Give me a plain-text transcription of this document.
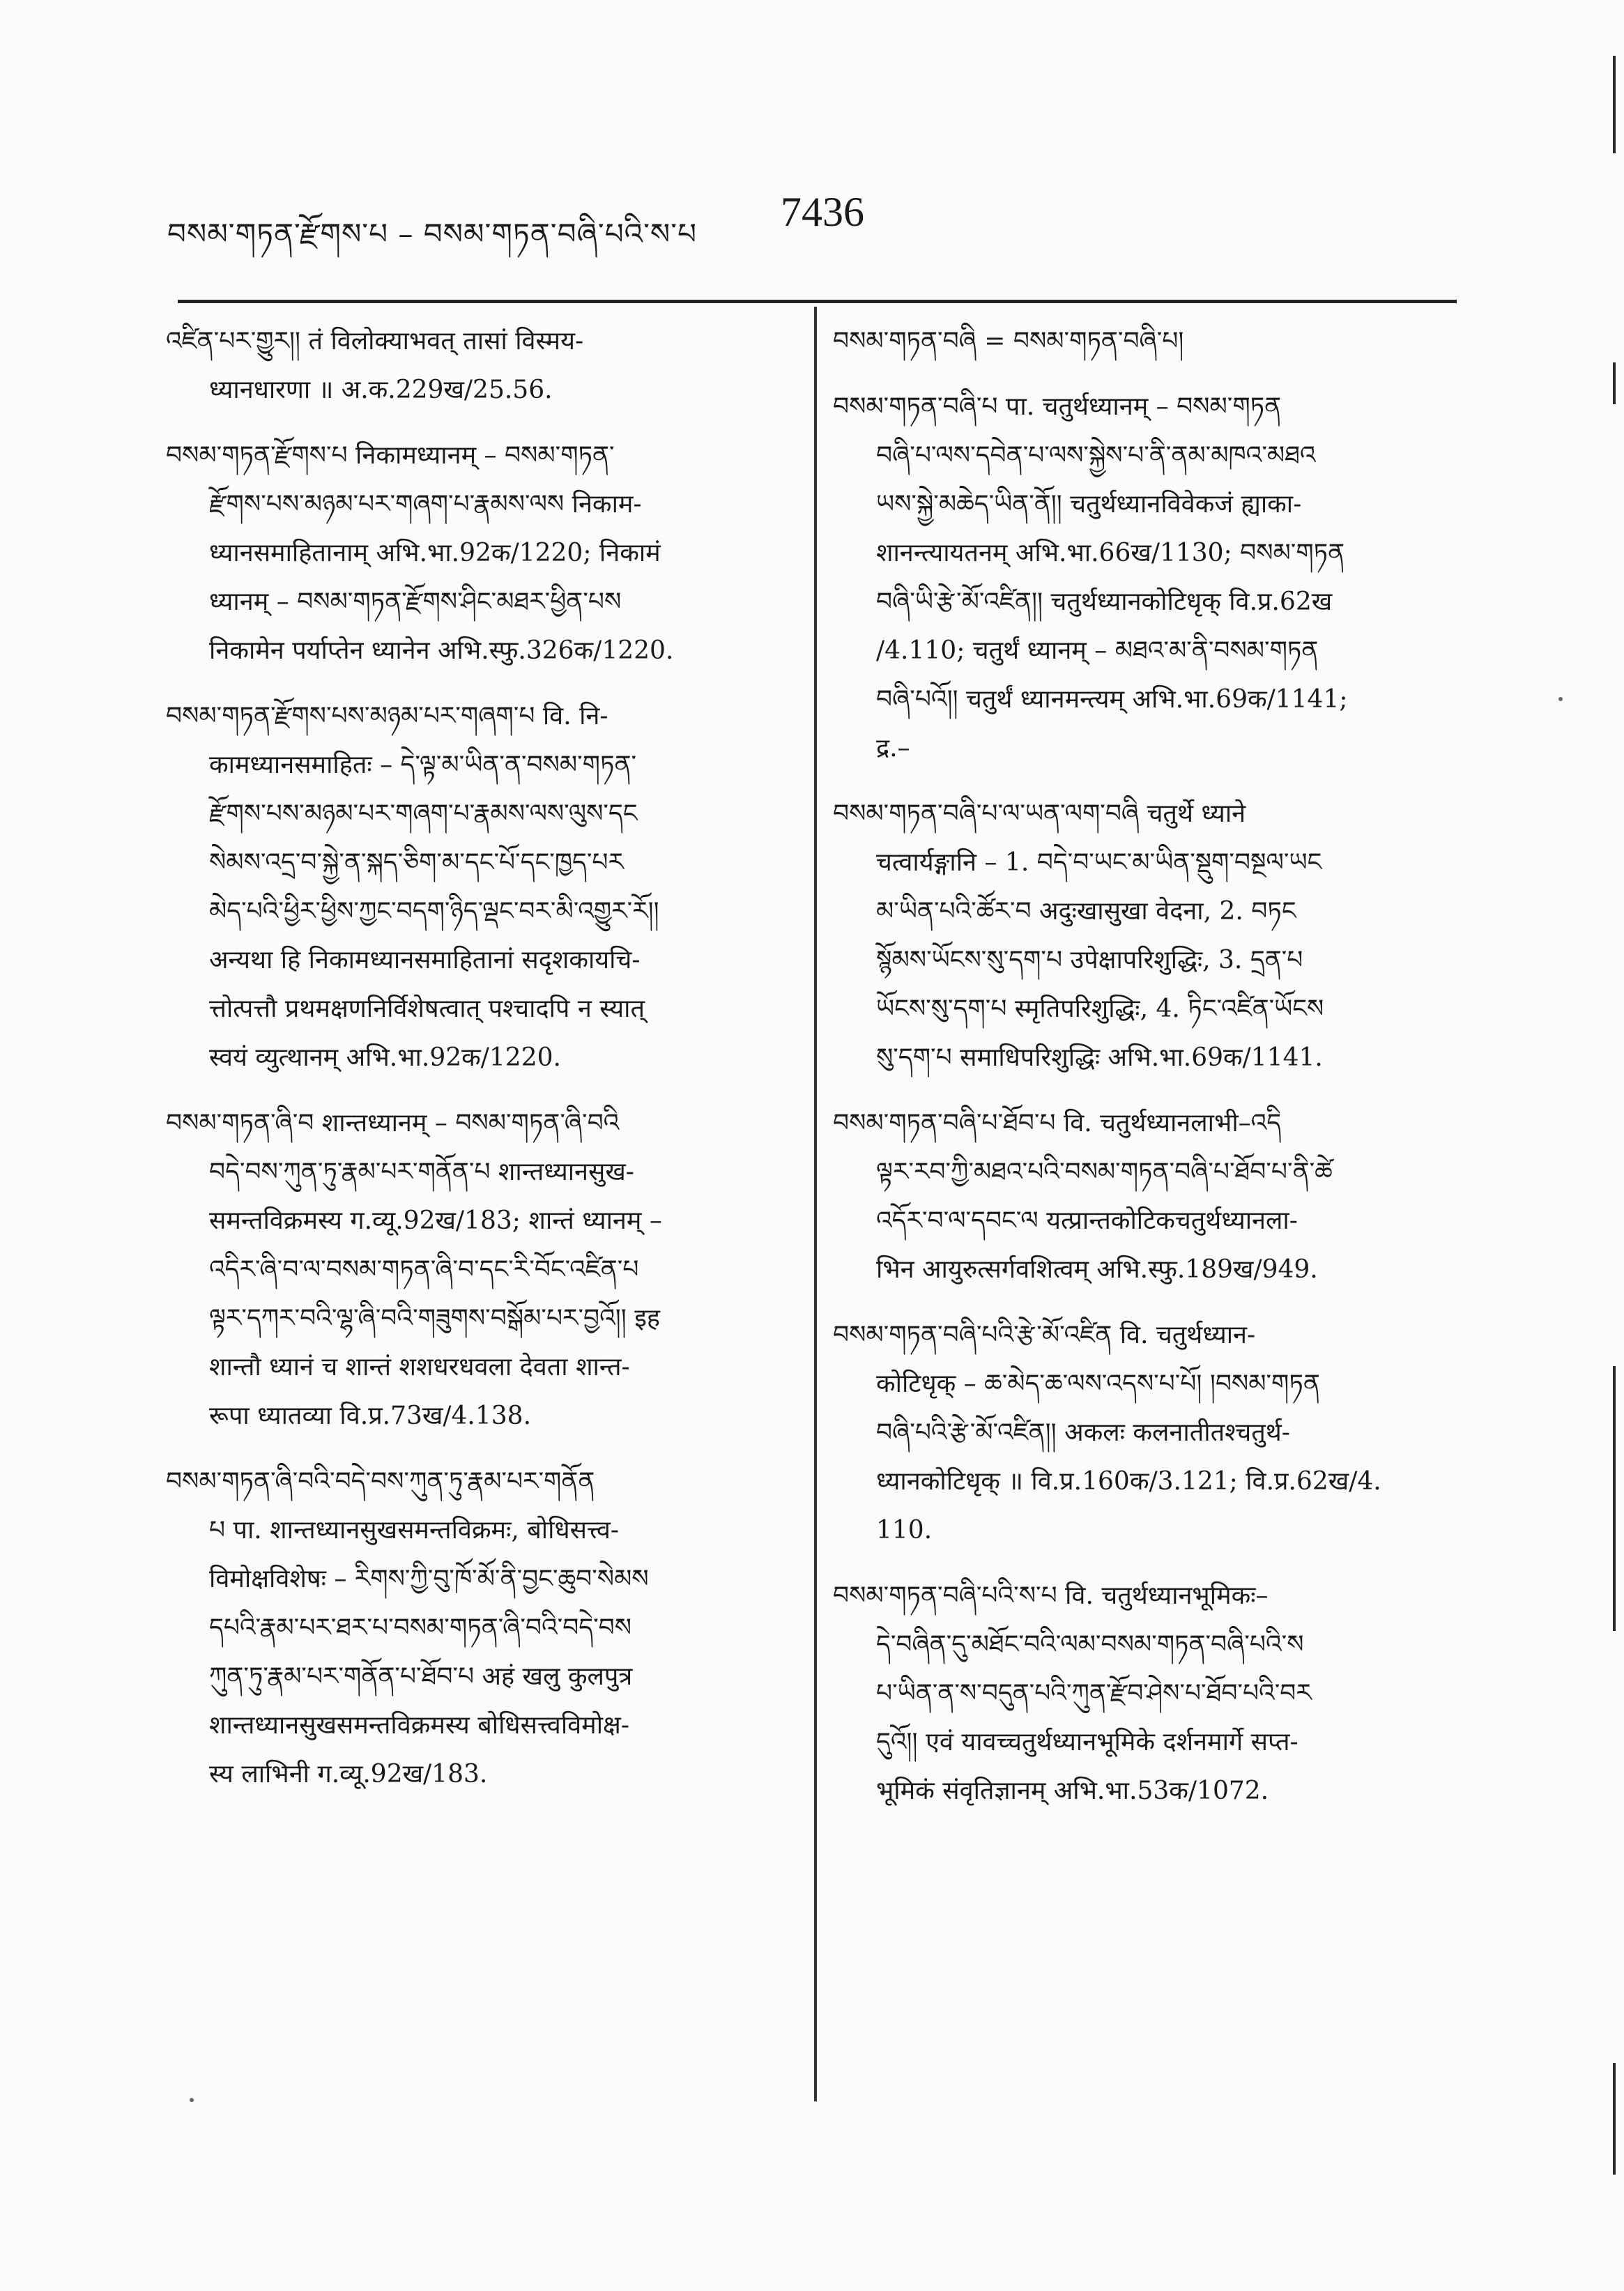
བསམ་གཏན་རྫོགས་པ – བསམ་གཏན་བཞི་པའི་ས་པ 7436
འཛིན་པར་གྱུར།། तं विलोक्याभवत् तासां विस्मय-
ध्यानधारणा ॥ अ.क.229ख/25.56.
བསམ་གཏན་རྫོགས་པ निकामध्यानम् – བསམ་གཏན་
རྫོགས་པས་མཉམ་པར་གཞག་པ་རྣམས་ལས निकाम-
ध्यानसमाहितानाम् अभि.भा.92क/1220; निकामं
ध्यानम् – བསམ་གཏན་རྫོགས་ཤིང་མཐར་ཕྱིན་པས
निकामेन पर्याप्तेन ध्यानेन अभि.स्फु.326क/1220.
བསམ་གཏན་རྫོགས་པས་མཉམ་པར་གཞག་པ वि. नि-
कामध्यानसमाहितः – དེ་ལྟ་མ་ཡིན་ན་བསམ་གཏན་
རྫོགས་པས་མཉམ་པར་གཞག་པ་རྣམས་ལས་ལུས་དང
སེམས་འདྲ་བ་སྐྱེ་ན་སྐད་ཅིག་མ་དང་པོ་དང་ཁྱད་པར
མེད་པའི་ཕྱིར་ཕྱིས་ཀྱང་བདག་ཉིད་ལྡང་བར་མི་འགྱུར་རོ།།
अन्यथा हि निकामध्यानसमाहितानां सदृशकायचि-
त्तोत्पत्तौ प्रथमक्षणनिर्विशेषत्वात् पश्चादपि न स्यात्
स्वयं व्युत्थानम् अभि.भा.92क/1220.
བསམ་གཏན་ཞི་བ शान्तध्यानम् – བསམ་གཏན་ཞི་བའི
བདེ་བས་ཀུན་ཏུ་རྣམ་པར་གནོན་པ शान्तध्यानसुख-
समन्तविक्रमस्य ग.व्यू.92ख/183; शान्तं ध्यानम् –
འདིར་ཞི་བ་ལ་བསམ་གཏན་ཞི་བ་དང་རི་བོང་འཛིན་པ
ལྟར་དཀར་བའི་ལྷ་ཞི་བའི་གཟུགས་བསྒོམ་པར་བྱའོ།། इह
शान्तौ ध्यानं च शान्तं शशधरधवला देवता शान्त-
रूपा ध्यातव्या वि.प्र.73ख/4.138.
བསམ་གཏན་ཞི་བའི་བདེ་བས་ཀུན་ཏུ་རྣམ་པར་གནོན
པ पा. शान्तध्यानसुखसमन्तविक्रमः, बोधिसत्त्व-
विमोक्षविशेषः – རིགས་ཀྱི་བུ་ཁོ་མོ་ནི་བྱང་ཆུབ་སེམས
དཔའི་རྣམ་པར་ཐར་པ་བསམ་གཏན་ཞི་བའི་བདེ་བས
ཀུན་ཏུ་རྣམ་པར་གནོན་པ་ཐོབ་པ अहं खलु कुलपुत्र
शान्तध्यानसुखसमन्तविक्रमस्य बोधिसत्त्वविमोक्ष-
स्य लाभिनी ग.व्यू.92ख/183.
བསམ་གཏན་བཞི = བསམ་གཏན་བཞི་པ།
བསམ་གཏན་བཞི་པ पा. चतुर्थध्यानम् – བསམ་གཏན
བཞི་པ་ལས་དབེན་པ་ལས་སྐྱེས་པ་ནི་ནམ་མཁའ་མཐའ
ཡས་སྐྱེ་མཆེད་ཡིན་ནོ།། चतुर्थध्यानविवेकजं ह्याका-
शानन्त्यायतनम् अभि.भा.66ख/1130; བསམ་གཏན
བཞི་ཡི་རྩེ་མོ་འཛིན།། चतुर्थध्यानकोटिधृक् वि.प्र.62ख
/4.110; चतुर्थं ध्यानम् – མཐའ་མ་ནི་བསམ་གཏན
བཞི་པའོ།། चतुर्थं ध्यानमन्त्यम् अभि.भा.69क/1141;
द्र.–
བསམ་གཏན་བཞི་པ་ལ་ཡན་ལག་བཞི चतुर्थे ध्याने
चत्वार्यङ्गानि – 1. བདེ་བ་ཡང་མ་ཡིན་སྡུག་བསྔལ་ཡང
མ་ཡིན་པའི་ཚོར་བ अदुःखासुखा वेदना, 2. བཏང
སྙོམས་ཡོངས་སུ་དག་པ उपेक्षापरिशुद्धिः, 3. དྲན་པ
ཡོངས་སུ་དག་པ स्मृतिपरिशुद्धिः, 4. ཏིང་འཛིན་ཡོངས
སུ་དག་པ समाधिपरिशुद्धिः अभि.भा.69क/1141.
བསམ་གཏན་བཞི་པ་ཐོབ་པ वि. चतुर्थध्यानलाभी–འདི
ལྟར་རབ་ཀྱི་མཐའ་པའི་བསམ་གཏན་བཞི་པ་ཐོབ་པ་ནི་ཚེ
འདོར་བ་ལ་དབང་ལ यत्प्रान्तकोटिकचतुर्थध्यानला-
भिन आयुरुत्सर्गवशित्वम् अभि.स्फु.189ख/949.
བསམ་གཏན་བཞི་པའི་རྩེ་མོ་འཛིན वि. चतुर्थध्यान-
कोटिधृक् – ཆ་མེད་ཆ་ལས་འདས་པ་པོ། །བསམ་གཏན
བཞི་པའི་རྩེ་མོ་འཛིན།། अकलः कलनातीतश्चतुर्थ-
ध्यानकोटिधृक् ॥ वि.प्र.160क/3.121; वि.प्र.62ख/4.
110.
བསམ་གཏན་བཞི་པའི་ས་པ वि. चतुर्थध्यानभूमिकः–
དེ་བཞིན་དུ་མཐོང་བའི་ལམ་བསམ་གཏན་བཞི་པའི་ས
པ་ཡིན་ན་ས་བདུན་པའི་ཀུན་རྫོབ་ཤེས་པ་ཐོབ་པའི་བར
དུའོ།། एवं यावच्चतुर्थध्यानभूमिके दर्शनमार्गे सप्त-
भूमिकं संवृतिज्ञानम् अभि.भा.53क/1072.
